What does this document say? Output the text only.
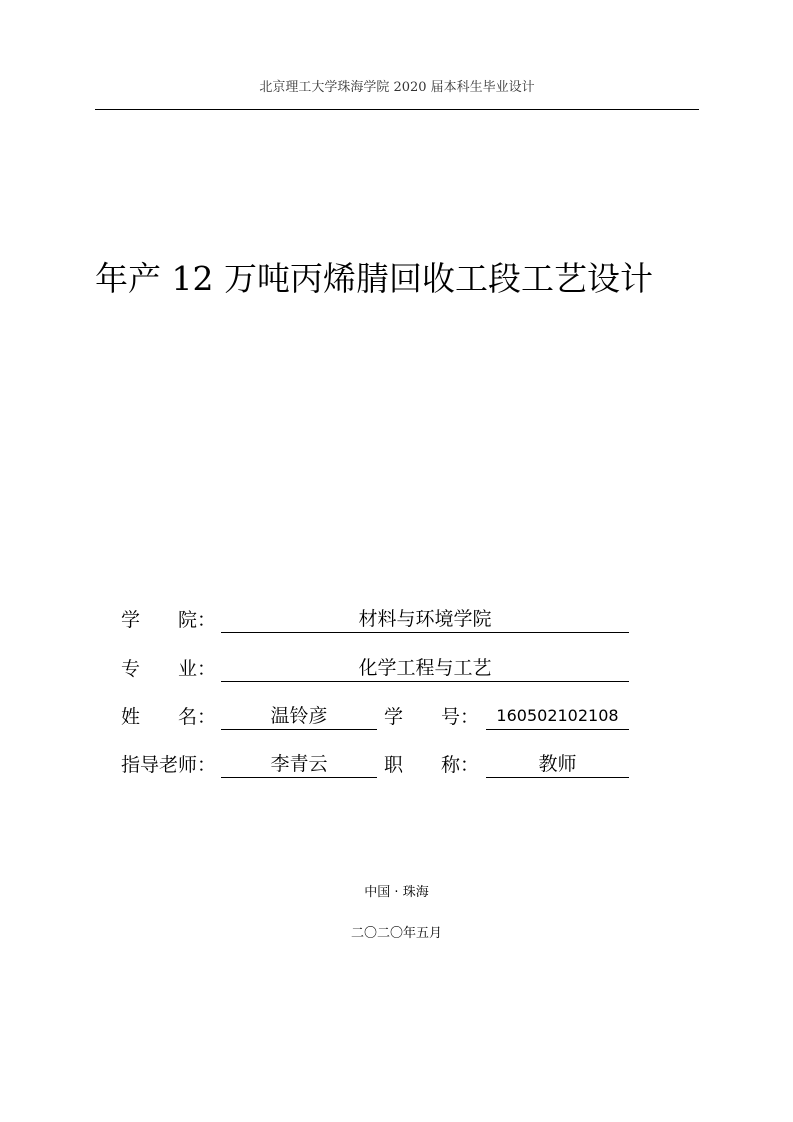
北京理工大学珠海学院 2020 届本科生毕业设计
年产 12 万吨丙烯腈回收工段工艺设计
学　　院：	材料与环境学院
专　　业：	化学工程与工艺
姓　　名：	温铃彦	学　　号：	160502102108
指导老师：	李青云	职　　称：	教师
中国 · 珠海
二〇二〇年五月
